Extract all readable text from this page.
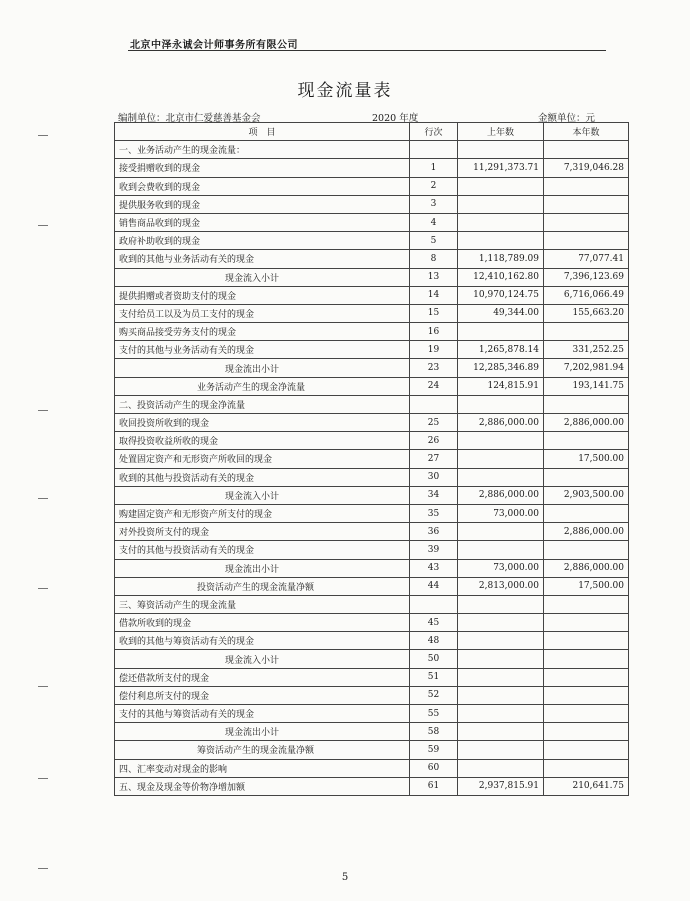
北京中泽永诚会计师事务所有限公司
现金流量表
编制单位：北京市仁爱慈善基金会	2020 年度	金额单位：元
项　目	行次	上年数	本年数
一、业务活动产生的现金流量：			
接受捐赠收到的现金	1	11,291,373.71	7,319,046.28
收到会费收到的现金	2		
提供服务收到的现金	3		
销售商品收到的现金	4		
政府补助收到的现金	5		
收到的其他与业务活动有关的现金	8	1,118,789.09	77,077.41
现金流入小计	13	12,410,162.80	7,396,123.69
提供捐赠或者资助支付的现金	14	10,970,124.75	6,716,066.49
支付给员工以及为员工支付的现金	15	49,344.00	155,663.20
购买商品接受劳务支付的现金	16		
支付的其他与业务活动有关的现金	19	1,265,878.14	331,252.25
现金流出小计	23	12,285,346.89	7,202,981.94
业务活动产生的现金净流量	24	124,815.91	193,141.75
二、投资活动产生的现金净流量			
收回投资所收到的现金	25	2,886,000.00	2,886,000.00
取得投资收益所收的现金	26		
处置固定资产和无形资产所收回的现金	27		17,500.00
收到的其他与投资活动有关的现金	30		
现金流入小计	34	2,886,000.00	2,903,500.00
购建固定资产和无形资产所支付的现金	35	73,000.00	
对外投资所支付的现金	36		2,886,000.00
支付的其他与投资活动有关的现金	39		
现金流出小计	43	73,000.00	2,886,000.00
投资活动产生的现金流量净额	44	2,813,000.00	17,500.00
三、筹资活动产生的现金流量			
借款所收到的现金	45		
收到的其他与筹资活动有关的现金	48		
现金流入小计	50		
偿还借款所支付的现金	51		
偿付利息所支付的现金	52		
支付的其他与筹资活动有关的现金	55		
现金流出小计	58		
筹资活动产生的现金流量净额	59		
四、汇率变动对现金的影响	60		
五、现金及现金等价物净增加额	61	2,937,815.91	210,641.75
5
